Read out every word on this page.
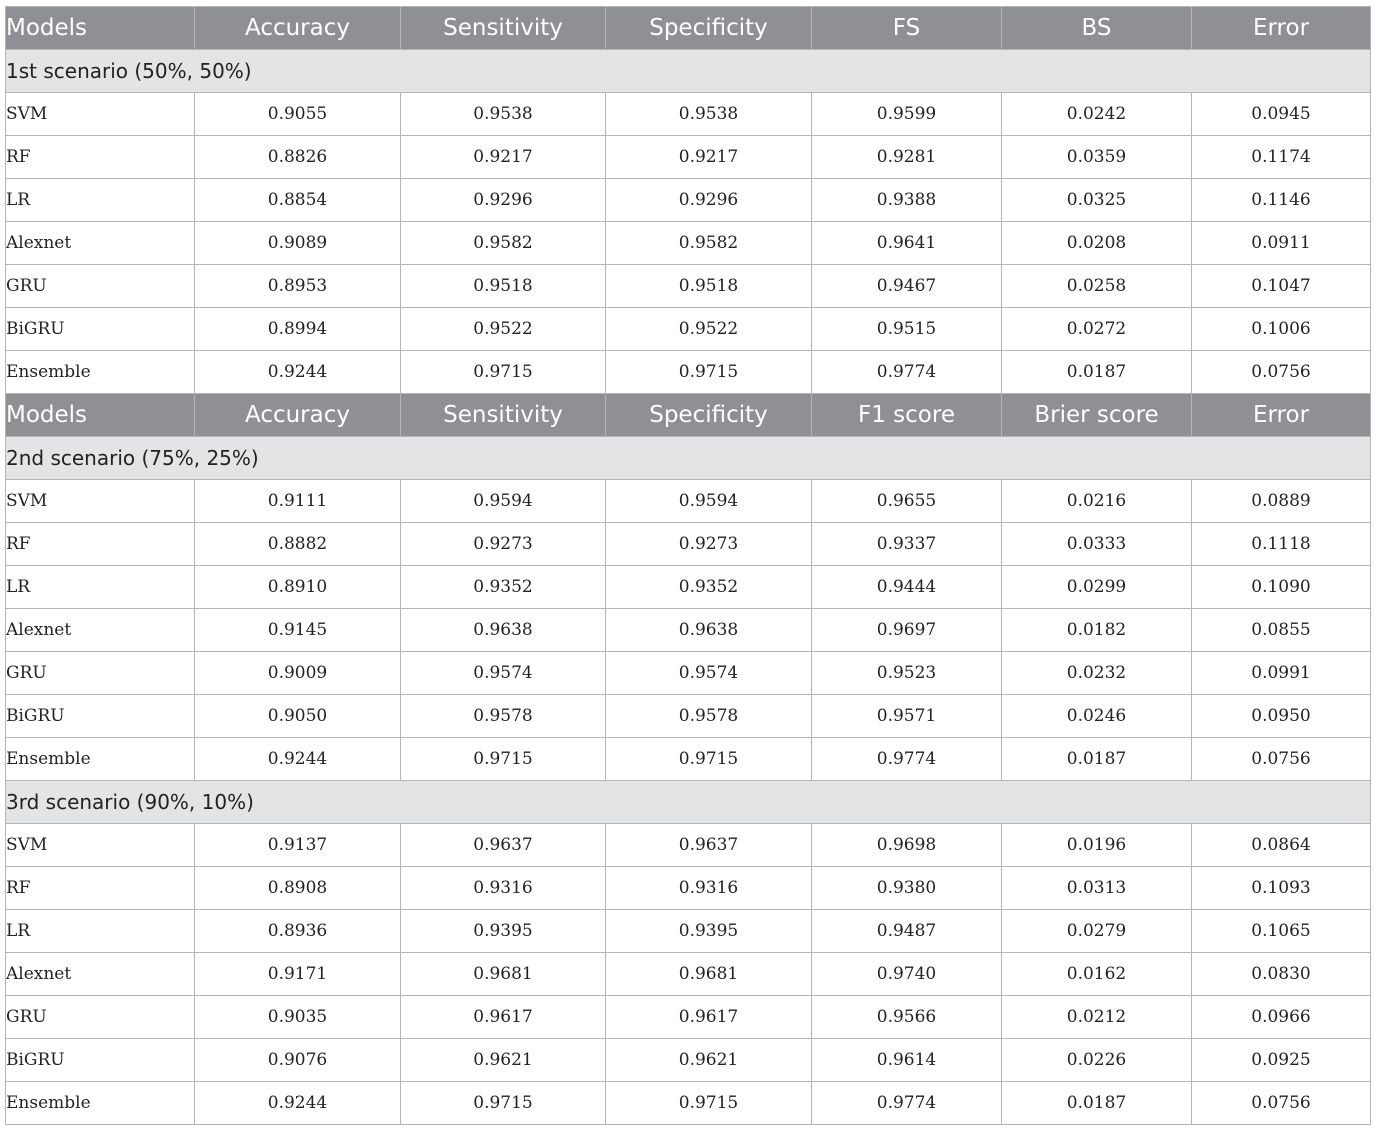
Models	Accuracy	Sensitivity	Specificity	FS	BS	Error
1st scenario (50%, 50%)						
SVM	0.9055	0.9538	0.9538	0.9599	0.0242	0.0945
RF	0.8826	0.9217	0.9217	0.9281	0.0359	0.1174
LR	0.8854	0.9296	0.9296	0.9388	0.0325	0.1146
Alexnet	0.9089	0.9582	0.9582	0.9641	0.0208	0.0911
GRU	0.8953	0.9518	0.9518	0.9467	0.0258	0.1047
BiGRU	0.8994	0.9522	0.9522	0.9515	0.0272	0.1006
Ensemble	0.9244	0.9715	0.9715	0.9774	0.0187	0.0756
Models	Accuracy	Sensitivity	Specificity	F1 score	Brier score	Error
2nd scenario (75%, 25%)						
SVM	0.9111	0.9594	0.9594	0.9655	0.0216	0.0889
RF	0.8882	0.9273	0.9273	0.9337	0.0333	0.1118
LR	0.8910	0.9352	0.9352	0.9444	0.0299	0.1090
Alexnet	0.9145	0.9638	0.9638	0.9697	0.0182	0.0855
GRU	0.9009	0.9574	0.9574	0.9523	0.0232	0.0991
BiGRU	0.9050	0.9578	0.9578	0.9571	0.0246	0.0950
Ensemble	0.9244	0.9715	0.9715	0.9774	0.0187	0.0756
3rd scenario (90%, 10%)						
SVM	0.9137	0.9637	0.9637	0.9698	0.0196	0.0864
RF	0.8908	0.9316	0.9316	0.9380	0.0313	0.1093
LR	0.8936	0.9395	0.9395	0.9487	0.0279	0.1065
Alexnet	0.9171	0.9681	0.9681	0.9740	0.0162	0.0830
GRU	0.9035	0.9617	0.9617	0.9566	0.0212	0.0966
BiGRU	0.9076	0.9621	0.9621	0.9614	0.0226	0.0925
Ensemble	0.9244	0.9715	0.9715	0.9774	0.0187	0.0756
